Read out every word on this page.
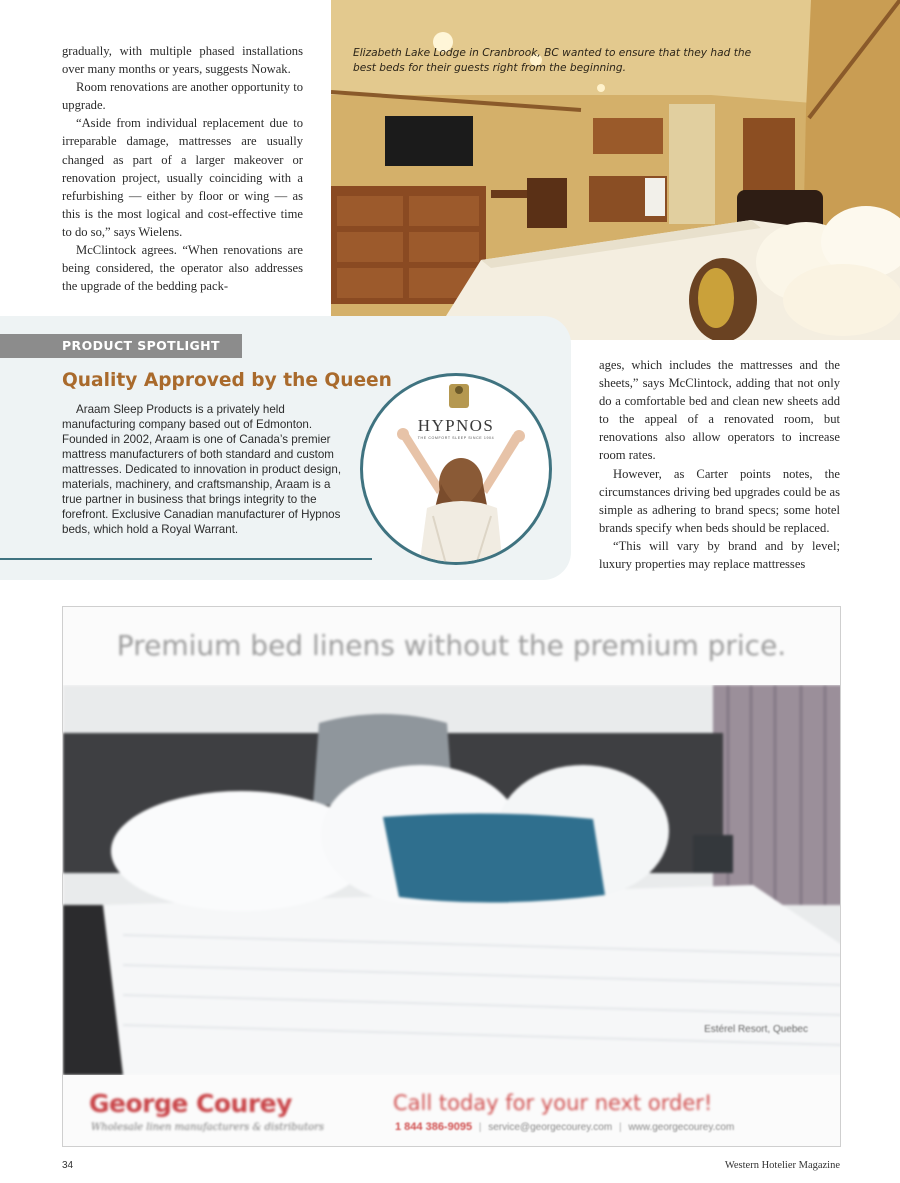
gradually, with multiple phased installations over many months or years, suggests Nowak.

Room renovations are another opportunity to upgrade.

“Aside from individual replacement due to irreparable damage, mattresses are usually changed as part of a larger makeover or renovation project, usually coinciding with a refurbishing — either by floor or wing — as this is the most logical and cost-effective time to do so,” says Wielens.

McClintock agrees. “When renovations are being considered, the operator also addresses the upgrade of the bedding pack-

Elizabeth Lake Lodge in Cranbrook, BC wanted to ensure that they had the best beds for their guests right from the beginning.
PRODUCT SPOTLIGHT
Quality Approved by the Queen
Araam Sleep Products is a privately held manufacturing company based out of Edmonton. Founded in 2002, Araam is one of Canada’s premier mattress manufacturers of both standard and custom mattresses. Dedicated to innovation in product design, materials, machinery, and craftsmanship, Araam is a true partner in business that brings integrity to the forefront. Exclusive Canadian manufacturer of Hypnos beds, which hold a Royal Warrant.
HYPNOS
THE COMFORT SLEEP SINCE 1904

ages, which includes the mattresses and the sheets,” says McClintock, adding that not only do a comfortable bed and clean new sheets add to the appeal of a renovated room, but renovations also allow operators to increase room rates.

However, as Carter points notes, the circumstances driving bed upgrades could be as simple as adhering to brand specs; some hotel brands specify when beds should be replaced.

“This will vary by brand and by level; luxury properties may replace mattresses

Premium bed linens without the premium price.
Estérel Resort, Quebec
George Courey
Wholesale linen manufacturers & distributors
Call today for your next order!
1 844 386-9095 | service@georgecourey.com | www.georgecourey.com
34	Western Hotelier Magazine
